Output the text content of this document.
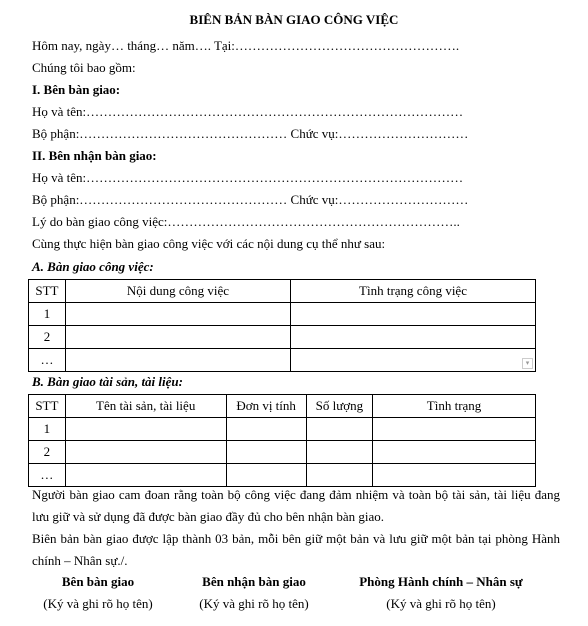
BIÊN BẢN BÀN GIAO CÔNG VIỆC
Hôm nay, ngày… tháng… năm…. Tại:…………………………………………….
Chúng tôi bao gồm:
I. Bên bàn giao:
Họ và tên:……………………………………………………………………………
Bộ phận:………………………………………… Chức vụ:…………………………
II. Bên nhận bàn giao:
Họ và tên:……………………………………………………………………………
Bộ phận:………………………………………… Chức vụ:…………………………
Lý do bàn giao công việc:…………………………………………………………..
Cùng thực hiện bàn giao công việc với các nội dung cụ thể như sau:
A. Bàn giao công việc:
STT	Nội dung công việc	Tình trạng công việc
1		
2		
…		▾
B. Bàn giao tài sản, tài liệu:
STT	Tên tài sản, tài liệu	Đơn vị tính	Số lượng	Tình trạng
1				
2				
…				
Người bàn giao cam đoan rằng toàn bộ công việc đang đảm nhiệm và toàn bộ tài sản, tài liệu đang lưu giữ và sử dụng đã được bàn giao đầy đủ cho bên nhận bàn giao.
Biên bản bàn giao được lập thành 03 bản, mỗi bên giữ một bản và lưu giữ một bản tại phòng Hành chính – Nhân sự./.
Bên bàn giao
(Ký và ghi rõ họ tên)
Bên nhận bàn giao
(Ký và ghi rõ họ tên)
Phòng Hành chính – Nhân sự
(Ký và ghi rõ họ tên)
